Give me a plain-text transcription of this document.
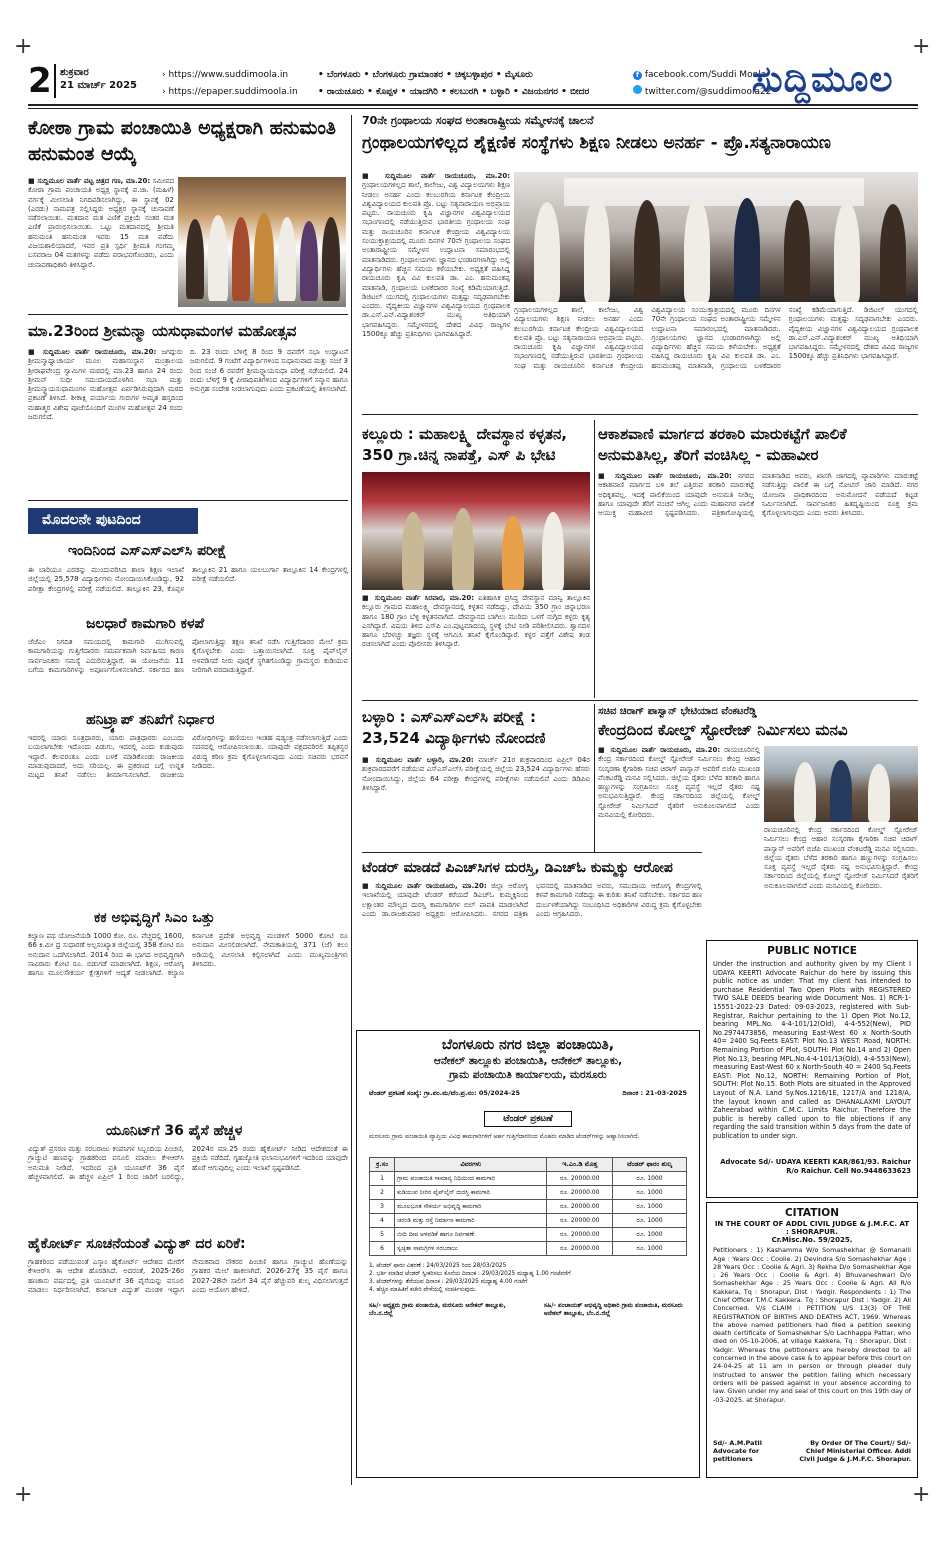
+	+
+	+
2 ಶುಕ್ರವಾರ
21 ಮಾರ್ಚ್ 2025
› https://www.suddimoola.in
› https://epaper.suddimoola.in
• ಬೆಂಗಳೂರು • ಬೆಂಗಳೂರು ಗ್ರಾಮಾಂತರ • ಚಿಕ್ಕಬಳ್ಳಾಪುರ • ಮೈಸೂರು
• ರಾಯಚೂರು • ಕೊಪ್ಪಳ • ಯಾದಗಿರಿ • ಕಲಬುರಗಿ • ಬಳ್ಳಾರಿ • ವಿಜಯನಗರ • ಬೀದರ
f facebook.com/Suddi Moola
twitter.com/@suddimoola22
ಸುದ್ದಿಮೂಲ
ಕೋಠಾ ಗ್ರಾಮ ಪಂಚಾಯಿತಿ ಅಧ್ಯಕ್ಷರಾಗಿ ಹನುಮಂತಿ ಹನುಮಂತ ಆಯ್ಕೆ
■ ಸುದ್ದಿಮೂಲ ವಾರ್ತೆ ವಟ್ಟ ಚಿತ್ರದ ಗಣ, ಮಾ.20: ಸಮೀಪದ ಕೋಠಾ ಗ್ರಾಮ ಪಂಚಾಯತಿ ಅಧ್ಯಕ್ಷ ಸ್ಥಾನಕ್ಕೆ ಪ.ಜಾ. (ಮಹಿಳೆ) ವರ್ಗಕ್ಕೆ ಮೀಸಲಾತಿ ನಿಗದಿಪಡಿಸಲಾಗಿದ್ದು, ಈ ಸ್ಥಾನಕ್ಕೆ 02 (ಎರಡು) ನಾಮಪತ್ರ ಸಲ್ಲಿಸಿದ್ದರು ಅಧ್ಯಕ್ಷರ ಸ್ಥಾನಕ್ಕೆ ಚುನಾವಣೆ ನಡೆಸಲಾಯಿತು. ಮತದಾನ ಮತ ಎಣಿಕೆ ಪ್ರಕ್ರಿಯೆ ನಂತರ ಮತ ಎಣಿಕೆ ಪ್ರಾರಂಭಿಸಲಾಯಿತು. ಒಟ್ಟು ಮತದಾನದಲ್ಲಿ ಶ್ರೀಮತಿ ಹನುಮಂತಿ ಹನುಮಂತ ಇವರು 15 ಮತ ಪಡೆದು ವಿಜಯಶಾಲಿಯಾದರೆ, ಇವರ ಪ್ರತಿ ಸ್ಪರ್ಧಿ ಶ್ರೀಮತಿ ಗಂಗಮ್ಮ ಬಸವರಾಜ 04 ಮತಗಳನ್ನು ಪಡೆದು ಪರಾಭವಗೊಂಡರು, ಎಂದು ಚುನಾವಣಾಧಿಕಾರಿ ತಿಳಿಸಿದ್ದಾರೆ.
ಮಾ.23ರಿಂದ ಶ್ರೀಮನ್ಮಾ ಯಸುಧಾಮಂಗಳ ಮಹೋತ್ಸವ
■ ಸುದ್ದಿಮೂಲ ವಾರ್ತೆ ರಾಯಚೂರು, ಮಾ.20: ಜಗದ್ಗುರು ಶ್ರೀಮನ್ಮಾಧ್ವಾಚಾರ್ಯ ಮೂಲ ಮಹಾಸಂಸ್ಥಾನ ಮಂತ್ರಾಲಯ ಶ್ರೀರಾಘವೇಂದ್ರ ಸ್ವಾಮಿಗಳ ಮಠದಲ್ಲಿ ಮಾ.23 ಹಾಗೂ 24 ರಂದು ಶ್ರೀಮನ್ ಸುಧೀ ಸಮುದಾಯದೊಳಗಿನ ಸಭಾ ಮತ್ತು ಶ್ರೀಮನ್ಮ್ಯಾಯಸುಧಾಮಂಗಳ ಮಹೋತ್ಸವ ಏರ್ಪಡಿಸಿರುವುದಾಗಿ ಮಠದ ಪ್ರಕಟಣೆ ತಿಳಿಸಿದೆ. ಶೀಕಾಕ್ಷಿ ಪರ್ಯಾಯ ಗುರುಗಳ ಅಮೃತ ಹಸ್ತದಿಂದ ಮಹಾತ್ಮರ ವಿಶೇಷ ಪೂಜೆಯೊಂದಿಗೆ ಮಂಗಳ ಮಹೋತ್ಸವ 24 ರಂದು ಜರುಗಲಿದೆ.
ದಿ. 23 ರಂದು ಬೆಳಿಗ್ಗೆ 8 ರಿಂದ 9 ದವರೆಗೆ ಸಭಾ ಉದ್ಘಾಟನೆ ಜರುಗಲಿದೆ. 9 ಗಂಟೆಗೆ ವಿದ್ಯಾರ್ಥಿಗಳಿಂದ ಸುಧಾನುವಾದ ಮತ್ತು ಸಂಜೆ 3 ರಿಂದ ಸಂಜೆ 6 ರವರೆಗೆ ಶ್ರೀಮನ್ನ್ಯಾಯಸುಧಾ ಪರೀಕ್ಷೆ ನಡೆಯಲಿದೆ. 24 ರಂದು ಬೆಳಿಗ್ಗೆ 9 ಕ್ಕೆ ಪೀಠಾಧಿಪತಿಗಳಿಂದ ವಿದ್ಯಾರ್ಥಿಗಳಿಗೆ ಸನ್ಮಾನ ಹಾಗೂ ಅನುಗ್ರಹ ಸಂದೇಶ ನೀಡಲಾಗುವುದು ಎಂದು ಪ್ರಕಟಣೆಯಲ್ಲಿ ತಿಳಿಸಲಾಗಿದೆ.
ಮೊದಲನೇ ಪುಟದಿಂದ
ಇಂದಿನಿಂದ ಎಸ್‌ಎಸ್‌ಎಲ್‌ಸಿ ಪರೀಕ್ಷೆ
ಈ ಬಾರಿಯೂ ಎರಡನ್ನು ಮುಂದುವರಿಸಿದ ಶಾಲಾ ಶಿಕ್ಷಣ ಇಲಾಖೆ ಜಿಲ್ಲೆಯಲ್ಲಿ 25,578 ವಿದ್ಯಾರ್ಥಿಗಳು ನೋಂದಾಯಿಸಿಕೊಂಡಿದ್ದು, 92 ಪರೀಕ್ಷಾ ಕೇಂದ್ರಗಳಲ್ಲಿ ಪರೀಕ್ಷೆ ನಡೆಯಲಿದೆ. ತಾಲ್ಲೂಕಿನ 23, ಕೊಪ್ಪಳ ತಾಲ್ಲೂಕಿನ 21 ಹಾಗೂ ಯಲಬುರ್ಗಾ ತಾಲ್ಲೂಕಿನ 14 ಕೇಂದ್ರಗಳಲ್ಲಿ ಪರೀಕ್ಷೆ ನಡೆಯಲಿದೆ.
ಜಲಧಾರೆ ಕಾಮಗಾರಿ ಕಳಪೆ
ಜೆಜೆಎಂ ನಿಗದಿತ ಸಮಯದಲ್ಲಿ ಕಾಮಗಾರಿ ಮುಗಿಸುವಲ್ಲಿ ಕಾಮಗಾರಿಯನ್ನು ಗುತ್ತಿಗೆದಾರರು ಸಮರ್ಪಕವಾಗಿ ನಿರ್ವಹಿಸದ ಕಾರಣ ಸಾರ್ವಜನಿಕರು ಸಮಸ್ಯೆ ಎದುರಿಸುತ್ತಿದ್ದಾರೆ. ಈ ಯೋಜನೆಯ 11 ಬಗೆಯ ಕಾಮಗಾರಿಗಳನ್ನು ಅಪೂರ್ಣಗೊಳಿಸಲಾಗಿದೆ. ಸರ್ಕಾರದ ಹಣ ಪೋಲಾಗುತ್ತಿದ್ದು ತಕ್ಷಣ ತನಿಖೆ ನಡೆಸಿ ಗುತ್ತಿಗೆದಾರರ ಮೇಲೆ ಕ್ರಮ ಕೈಗೊಳ್ಳಬೇಕು ಎಂದು ಒತ್ತಾಯಿಸಲಾಗಿದೆ. ಸೂಕ್ತ ಪೈಪ್‌ಲೈನ್ ಅಳವಡಿಸದೆ ನೀರು ಪೂರೈಕೆ ಸ್ಥಗಿತಗೊಂಡಿದ್ದು ಗ್ರಾಮಸ್ಥರು ಕುಡಿಯುವ ನೀರಿಗಾಗಿ ಪರದಾಡುತ್ತಿದ್ದಾರೆ.
ಹನಿಟ್ರ್ಯಾಪ್ ತನಿಖೆಗೆ ನಿರ್ಧಾರ
ಇದರಲ್ಲಿ ಯಾರು ಸೂತ್ರಧಾರರು, ಯಾರು ಪಾತ್ರಧಾರರು ಎಂಬುದು ಬಯಲಾಗಬೇಕು ಇದೊಂದು ಪಿಡುಗು, ಇದರಲ್ಲಿ ಎಂದು ಕುಡುವುದು ಇದ್ದಾರೆ. ಕೆಲವರಂತೂ ಎಂದು ಬಳಕೆ ಮಾಡಿಕೊಂಡು ರಾಜಕೀಯ ಮಾಡುವುದಾದರೆ, ಅದು ಸರಿಯಲ್ಲ. ಈ ಪ್ರಕರಣದ ಬಗ್ಗೆ ಉನ್ನತ ಮಟ್ಟದ ತನಿಖೆ ನಡೆಸಲು ತೀರ್ಮಾನಿಸಲಾಗಿದೆ. ರಾಜಕೀಯ ವಿರೋಧಿಗಳನ್ನು ಹಣಿಯಲು ಇಂತಹ ಷಡ್ಯಂತ್ರ ನಡೆಸಲಾಗುತ್ತಿದೆ ಎಂದು ಸದನದಲ್ಲಿ ಆರೋಪಿಸಲಾಯಿತು. ಯಾವುದೇ ಪಕ್ಷದವರಿರಲಿ ತಪ್ಪಿತಸ್ಥರ ವಿರುದ್ಧ ಕಠಿಣ ಕ್ರಮ ಕೈಗೊಳ್ಳಲಾಗುವುದು ಎಂದು ಸಚಿವರು ಭರವಸೆ ನೀಡಿದರು.
ಕಕ ಅಭಿವೃದ್ಧಿಗೆ ಸಿಎಂ ಒತ್ತು
ಕಲ್ಯಾಣ ಪಥ ಯೋಜನೆಯಡಿ 1000 ಕೋ. ರೂ. ವೆಚ್ಚದಲ್ಲಿ 1600, 66 ಕಿ.ಮೀ ಧ್ರ ಸುಧಾರಣೆ ಅಲ್ಪಸಂಖ್ಯಾತ ಜಿಲ್ಲೆಯಲ್ಲಿ 358 ಕೋಟಿ ರೂ ಅನುದಾನ ಒದಗಿಸಲಾಗಿದೆ. 2014 ರಿಂದ ಈ ಭಾಗದ ಅಭಿವೃದ್ಧಿಗಾಗಿ ಸಾವಿರಾರು ಕೋಟಿ ರೂ. ಬಿಡುಗಡೆ ಮಾಡಲಾಗಿದೆ. ಶಿಕ್ಷಣ, ಆರೋಗ್ಯ ಹಾಗೂ ಮೂಲಸೌಕರ್ಯ ಕ್ಷೇತ್ರಗಳಿಗೆ ಆದ್ಯತೆ ನೀಡಲಾಗಿದೆ. ಕಲ್ಯಾಣ ಕರ್ನಾಟಕ ಪ್ರದೇಶ ಅಭಿವೃದ್ಧಿ ಮಂಡಳಿಗೆ 5000 ಕೋಟಿ ರೂ ಅನುದಾನ ಮೀಸಲಿಡಲಾಗಿದೆ. ನೇಮಕಾತಿಯಲ್ಲಿ 371 (ಜೆ) ಕಲಂ ಅಡಿಯಲ್ಲಿ ಮೀಸಲಾತಿ ಕಲ್ಪಿಸಲಾಗಿದೆ ಎಂದು ಮುಖ್ಯಮಂತ್ರಿಗಳು ತಿಳಿಸಿದರು.
ಯೂನಿಟ್‌ಗೆ 36 ಪೈಸೆ ಹೆಚ್ಚಳ
ವಿದ್ಯುತ್ ಪ್ರಸರಣ ಮತ್ತು ಸರಬರಾಜು ಕಂಪನಿಗಳ ಸಿಬ್ಬಂದಿಯ ಪಿಂಚಣಿ, ಗ್ರಾಚ್ಯುಟಿ ಹಣವನ್ನು ಗ್ರಾಹಕರಿಂದ ವಸೂಲಿ ಮಾಡಲು ಕೆಇಆರ್‌ಸಿ ಅನುಮತಿ ನೀಡಿದೆ. ಇದರಿಂದ ಪ್ರತಿ ಯೂನಿಟ್‌ಗೆ 36 ಪೈಸೆ ಹೆಚ್ಚಳವಾಗಲಿದೆ. ಈ ಹೆಚ್ಚಳ ಏಪ್ರಿಲ್ 1 ರಿಂದ ಜಾರಿಗೆ ಬರಲಿದ್ದು, 2024ರ ಮಾ.25 ರಂದು ಹೈಕೋರ್ಟ್ ನೀಡಿದ ಆದೇಶದಂತೆ ಈ ಪ್ರಕ್ರಿಯೆ ನಡೆದಿದೆ. ಗೃಹಜ್ಯೋತಿ ಫಲಾನುಭವಿಗಳಿಗೆ ಇದರಿಂದ ಯಾವುದೇ ಹೊರೆ ಆಗುವುದಿಲ್ಲ ಎಂದು ಇಲಾಖೆ ಸ್ಪಷ್ಟಪಡಿಸಿದೆ.
ಹೈಕೋರ್ಟ್ ಸೂಚನೆಯಂತೆ ವಿದ್ಯುತ್ ದರ ಏರಿಕೆ:
ಗ್ರಾಹಕರಿಂದ ಪಡೆಯುವಂತೆ ಎಸ್ಕಾಂ ಹೈಕೋರ್ಟ್ ಆದೇಶದ ಮೇರೆಗೆ ಕೆಇಆರ್‌ಸಿ ಈ ಆದೇಶ ಹೊರಡಿಸಿದೆ. ಅದರಂತೆ, 2025-26ರ ಹಣಕಾಸು ವರ್ಷದಲ್ಲಿ ಪ್ರತಿ ಯೂನಿಟ್‌ಗೆ 36 ಪೈಸೆಯನ್ನು ವಸೂಲಿ ಮಾಡಲು ನಿರ್ಧರಿಸಲಾಗಿದೆ. ಕರ್ನಾಟಕ ವಿದ್ಯುತ್ ಮಂಡಳಿ ಇದ್ದಾಗ ನೇಮಕವಾದ ನೌಕರರ ಪಿಂಚಣಿ ಹಾಗೂ ಗ್ರಾಚ್ಯುಟಿ ಹೊಣೆಯನ್ನು ಗ್ರಾಹಕರ ಮೇಲೆ ಹಾಕಲಾಗಿದೆ. 2026-27ಕ್ಕೆ 35 ಪೈಸೆ ಹಾಗೂ 2027-28ನೇ ಸಾಲಿಗೆ 34 ಪೈಸೆ ಹೆಚ್ಚುವರಿ ಶುಲ್ಕ ವಿಧಿಸಲಾಗುತ್ತದೆ ಎಂದು ಆಯೋಗ ಹೇಳಿದೆ.
70ನೇ ಗ್ರಂಥಾಲಯ ಸಂಘದ ಅಂತಾರಾಷ್ಟ್ರೀಯ ಸಮ್ಮೇಳನಕ್ಕೆ ಚಾಲನೆ
ಗ್ರಂಥಾಲಯಗಳಿಲ್ಲದ ಶೈಕ್ಷಣಿಕ ಸಂಸ್ಥೆಗಳು ಶಿಕ್ಷಣ ನೀಡಲು ಅನರ್ಹ - ಪ್ರೊ.ಸತ್ಯನಾರಾಯಣ
■ ಸುದ್ದಿಮೂಲ ವಾರ್ತೆ ರಾಯಚೂರು, ಮಾ.20: ಗ್ರಂಥಾಲಯಗಳಿಲ್ಲದ ಶಾಲೆ, ಕಾಲೇಜು, ವಿಶ್ವ ವಿದ್ಯಾಲಯಗಳು ಶಿಕ್ಷಣ ನೀಡಲು ಅನರ್ಹ ಎಂದು ಕಲಬುರಗಿಯ ಕರ್ನಾಟಕ ಕೇಂದ್ರೀಯ ವಿಶ್ವವಿದ್ಯಾಲಯದ ಕುಲಪತಿ ಪ್ರೊ. ಬಟ್ಟು ಸತ್ಯನಾರಾಯಣ ಅಭಿಪ್ರಾಯ ಪಟ್ಟರು. ರಾಯಚೂರು ಕೃಷಿ ವಿಜ್ಞಾನಗಳ ವಿಶ್ವವಿದ್ಯಾಲಯದ ಸಭಾಂಗಣದಲ್ಲಿ ನಡೆಯುತ್ತಿರುವ ಭಾರತೀಯ ಗ್ರಂಥಾಲಯ ಸಂಘ ಮತ್ತು ರಾಯಚೂರಿನ ಕರ್ನಾಟಕ ಕೇಂದ್ರೀಯ ವಿಶ್ವವಿದ್ಯಾಲಯ ಸಂಯುಕ್ತಾಶ್ರಯದಲ್ಲಿ ಮೂರು ದಿನಗಳ 70ನೇ ಗ್ರಂಥಾಲಯ ಸಂಘದ ಅಂತಾರಾಷ್ಟ್ರೀಯ ಸಮ್ಮೇಳನ ಉದ್ಘಾಟನಾ ಸಮಾರಂಭದಲ್ಲಿ ಮಾತನಾಡಿದರು. ಗ್ರಂಥಾಲಯಗಳು ಜ್ಞಾನದ ಭಂಡಾರಗಳಾಗಿದ್ದು ಅಲ್ಲಿ ವಿದ್ಯಾರ್ಥಿಗಳು ಹೆಚ್ಚಿನ ಸಮಯ ಕಳೆಯಬೇಕು. ಅಧ್ಯಕ್ಷತೆ ವಹಿಸಿದ್ದ ರಾಯಚೂರು ಕೃಷಿ ವಿವಿ ಕುಲಪತಿ ಡಾ. ಎಂ. ಹನುಮಂತಪ್ಪ ಮಾತನಾಡಿ, ಗ್ರಂಥಾಲಯ ಬಳಕೆದಾರರ ಸಂಖ್ಯೆ ಕಡಿಮೆಯಾಗುತ್ತಿದೆ. ಡಿಜಿಟಲ್ ಯುಗದಲ್ಲಿ ಗ್ರಂಥಾಲಯಗಳು ಮತ್ತಷ್ಟು ಸದೃಢವಾಗಬೇಕು ಎಂದರು. ವೈದ್ಯಕೀಯ ವಿಜ್ಞಾನಗಳ ವಿಶ್ವವಿದ್ಯಾಲಯದ ಗ್ರಂಥಪಾಲಕ ಡಾ.ಎಸ್.ಎನ್.ವಿದ್ಯಾಶಂಕರ್ ಮುಖ್ಯ ಅತಿಥಿಯಾಗಿ ಭಾಗವಹಿಸಿದ್ದರು. ಸಮ್ಮೇಳನದಲ್ಲಿ ದೇಶದ ವಿವಿಧ ರಾಜ್ಯಗಳ 1500ಕ್ಕೂ ಹೆಚ್ಚು ಪ್ರತಿನಿಧಿಗಳು ಭಾಗವಹಿಸಿದ್ದಾರೆ.
ಗ್ರಂಥಾಲಯಗಳಿಲ್ಲದ ಶಾಲೆ, ಕಾಲೇಜು, ವಿಶ್ವ ವಿದ್ಯಾಲಯಗಳು ಶಿಕ್ಷಣ ನೀಡಲು ಅನರ್ಹ ಎಂದು ಕಲಬುರಗಿಯ ಕರ್ನಾಟಕ ಕೇಂದ್ರೀಯ ವಿಶ್ವವಿದ್ಯಾಲಯದ ಕುಲಪತಿ ಪ್ರೊ. ಬಟ್ಟು ಸತ್ಯನಾರಾಯಣ ಅಭಿಪ್ರಾಯ ಪಟ್ಟರು. ರಾಯಚೂರು ಕೃಷಿ ವಿಜ್ಞಾನಗಳ ವಿಶ್ವವಿದ್ಯಾಲಯದ ಸಭಾಂಗಣದಲ್ಲಿ ನಡೆಯುತ್ತಿರುವ ಭಾರತೀಯ ಗ್ರಂಥಾಲಯ ಸಂಘ ಮತ್ತು ರಾಯಚೂರಿನ ಕರ್ನಾಟಕ ಕೇಂದ್ರೀಯ ವಿಶ್ವವಿದ್ಯಾಲಯ ಸಂಯುಕ್ತಾಶ್ರಯದಲ್ಲಿ ಮೂರು ದಿನಗಳ 70ನೇ ಗ್ರಂಥಾಲಯ ಸಂಘದ ಅಂತಾರಾಷ್ಟ್ರೀಯ ಸಮ್ಮೇಳನ ಉದ್ಘಾಟನಾ ಸಮಾರಂಭದಲ್ಲಿ ಮಾತನಾಡಿದರು. ಗ್ರಂಥಾಲಯಗಳು ಜ್ಞಾನದ ಭಂಡಾರಗಳಾಗಿದ್ದು ಅಲ್ಲಿ ವಿದ್ಯಾರ್ಥಿಗಳು ಹೆಚ್ಚಿನ ಸಮಯ ಕಳೆಯಬೇಕು. ಅಧ್ಯಕ್ಷತೆ ವಹಿಸಿದ್ದ ರಾಯಚೂರು ಕೃಷಿ ವಿವಿ ಕುಲಪತಿ ಡಾ. ಎಂ. ಹನುಮಂತಪ್ಪ ಮಾತನಾಡಿ, ಗ್ರಂಥಾಲಯ ಬಳಕೆದಾರರ ಸಂಖ್ಯೆ ಕಡಿಮೆಯಾಗುತ್ತಿದೆ. ಡಿಜಿಟಲ್ ಯುಗದಲ್ಲಿ ಗ್ರಂಥಾಲಯಗಳು ಮತ್ತಷ್ಟು ಸದೃಢವಾಗಬೇಕು ಎಂದರು. ವೈದ್ಯಕೀಯ ವಿಜ್ಞಾನಗಳ ವಿಶ್ವವಿದ್ಯಾಲಯದ ಗ್ರಂಥಪಾಲಕ ಡಾ.ಎಸ್.ಎನ್.ವಿದ್ಯಾಶಂಕರ್ ಮುಖ್ಯ ಅತಿಥಿಯಾಗಿ ಭಾಗವಹಿಸಿದ್ದರು. ಸಮ್ಮೇಳನದಲ್ಲಿ ದೇಶದ ವಿವಿಧ ರಾಜ್ಯಗಳ 1500ಕ್ಕೂ ಹೆಚ್ಚು ಪ್ರತಿನಿಧಿಗಳು ಭಾಗವಹಿಸಿದ್ದಾರೆ.
ಕಲ್ಲೂರು : ಮಹಾಲಕ್ಷ್ಮಿ ದೇವಸ್ಥಾನ ಕಳ್ಳತನ, 350 ಗ್ರಾ.ಚಿನ್ನ ನಾಪತ್ತೆ, ಎಸ್ ಪಿ ಭೇಟಿ
■ ಸುದ್ದಿಮೂಲ ವಾರ್ತೆ ಸಿರವಾರ, ಮಾ.20: ಐತಿಹಾಸಿಕ ಪ್ರಸಿದ್ಧ ದೇವಸ್ಥಾನ ಮಾನ್ವಿ ತಾಲ್ಲೂಕಿನ ಕಲ್ಲೂರು ಗ್ರಾಮದ ಮಹಾಲಕ್ಷ್ಮಿ ದೇವಸ್ಥಾನದಲ್ಲಿ ಕಳ್ಳತನ ನಡೆದಿದ್ದು, ದೇವಿಯ 350 ಗ್ರಾಂ ಚಿನ್ನಾಭರಣ ಹಾಗೂ 180 ಗ್ರಾಂ ಬೆಳ್ಳಿ ಕಳ್ಳತನವಾಗಿದೆ. ದೇವಸ್ಥಾನದ ಬಾಗಿಲು ಮುರಿದು ಒಳಗೆ ನುಗ್ಗಿದ ಕಳ್ಳರು ಕೃತ್ಯ ಎಸಗಿದ್ದಾರೆ. ವಿಷಯ ತಿಳಿದ ಎಸ್‌ಪಿ ಎಂ.ಪುಟ್ಟಮಾದಯ್ಯ ಸ್ಥಳಕ್ಕೆ ಭೇಟಿ ನೀಡಿ ಪರಿಶೀಲಿಸಿದರು. ಶ್ವಾನದಳ ಹಾಗೂ ಬೆರಳಚ್ಚು ತಜ್ಞರು ಸ್ಥಳಕ್ಕೆ ಆಗಮಿಸಿ ತನಿಖೆ ಕೈಗೊಂಡಿದ್ದಾರೆ. ಕಳ್ಳರ ಪತ್ತೆಗೆ ವಿಶೇಷ ತಂಡ ರಚಿಸಲಾಗಿದೆ ಎಂದು ಪೊಲೀಸರು ತಿಳಿಸಿದ್ದಾರೆ.
ಆಕಾಶವಾಣಿ ಮಾರ್ಗದ ತರಕಾರಿ ಮಾರುಕಟ್ಟೆಗೆ ಪಾಲಿಕೆ ಅನುಮತಿಸಿಲ್ಲ, ತೆರಿಗೆ ವಂಚಿಸಿಲ್ಲ - ಮಹಾವೀರ
■ ಸುದ್ದಿಮೂಲ ವಾರ್ತೆ ರಾಯಚೂರು, ಮಾ.20: ನಗರದ ಆಕಾಶವಾಣಿ ಮಾರ್ಗದ ಬಳಿ ತಲೆ ಎತ್ತಿರುವ ತರಕಾರಿ ಮಾರುಕಟ್ಟೆ ಅಧಿಕೃತವಲ್ಲ. ಇದಕ್ಕೆ ಪಾಲಿಕೆಯಿಂದ ಯಾವುದೇ ಅನುಮತಿ ನೀಡಿಲ್ಲ ಹಾಗೂ ಯಾವುದೇ ತೆರಿಗೆ ವಂಚನೆ ಆಗಿಲ್ಲ ಎಂದು ಮಹಾನಗರ ಪಾಲಿಕೆ ಆಯುಕ್ತ ಮಹಾವೀರ ಸ್ಪಷ್ಟಪಡಿಸಿದರು. ಪತ್ರಿಕಾಗೋಷ್ಠಿಯಲ್ಲಿ ಮಾತನಾಡಿದ ಅವರು, ಖಾಸಗಿ ಜಾಗದಲ್ಲಿ ವ್ಯಾಪಾರಿಗಳು ಮಾರುಕಟ್ಟೆ ನಡೆಸುತ್ತಿದ್ದು ಪಾಲಿಕೆ ಈ ಬಗ್ಗೆ ನೋಟಿಸ್ ಜಾರಿ ಮಾಡಿದೆ. ನಗರ ಯೋಜನಾ ಪ್ರಾಧಿಕಾರದಿಂದ ಅನುಮೋದನೆ ಪಡೆಯದೆ ಕಟ್ಟಡ ನಿರ್ಮಿಸಲಾಗಿದೆ. ಸಾರ್ವಜನಿಕರ ಹಿತದೃಷ್ಟಿಯಿಂದ ಸೂಕ್ತ ಕ್ರಮ ಕೈಗೊಳ್ಳಲಾಗುವುದು ಎಂದು ಅವರು ತಿಳಿಸಿದರು.
ಬಳ್ಳಾರಿ : ಎಸ್‌ಎಸ್‌ಎಲ್‌ಸಿ ಪರೀಕ್ಷೆ : 23,524 ವಿದ್ಯಾರ್ಥಿಗಳು ನೋಂದಣಿ
■ ಸುದ್ದಿಮೂಲ ವಾರ್ತೆ ಬಳ್ಳಾರಿ, ಮಾ.20: ಮಾರ್ಚ್ 21ರ ಶುಕ್ರವಾರದಿಂದ ಏಪ್ರಿಲ್ 04ರ ಶುಕ್ರವಾರದವರೆಗೆ ನಡೆಯುವ ಎಸ್‌ಎಸ್‌ಎಲ್‌ಸಿ ಪರೀಕ್ಷೆಯಲ್ಲಿ ಜಿಲ್ಲೆಯ 23,524 ವಿದ್ಯಾರ್ಥಿಗಳು ಹೆಸರು ನೋಂದಾಯಿಸಿದ್ದು, ಜಿಲ್ಲೆಯ 64 ಪರೀಕ್ಷಾ ಕೇಂದ್ರಗಳಲ್ಲಿ ಪರೀಕ್ಷೆಗಳು ನಡೆಯಲಿವೆ ಎಂದು ಡಿಡಿಪಿಐ ತಿಳಿಸಿದ್ದಾರೆ.
ಸಚಿವ ಚಿರಾಗ್ ಪಾಸ್ವಾನ್ ಭೇಟಿಯಾದ ವೆಂಕಟರೆಡ್ಡಿ
ಕೇಂದ್ರದಿಂದ ಕೋಲ್ಡ್ ಸ್ಟೋರೇಜ್ ನಿರ್ಮಿಸಲು ಮನವಿ
■ ಸುದ್ದಿಮೂಲ ವಾರ್ತೆ ರಾಯಚೂರು, ಮಾ.20: ರಾಯಚೂರಿನಲ್ಲಿ ಕೇಂದ್ರ ಸರ್ಕಾರದಿಂದ ಕೋಲ್ಡ್ ಸ್ಟೋರೇಜ್ ನಿರ್ಮಿಸಲು ಕೇಂದ್ರ ಆಹಾರ ಸಂಸ್ಕರಣಾ ಕೈಗಾರಿಕಾ ಸಚಿವ ಚಿರಾಗ್ ಪಾಸ್ವಾನ್ ಅವರಿಗೆ ಬಿಜೆಪಿ ಮುಖಂಡ ವೆಂಕಟರೆಡ್ಡಿ ಮನವಿ ಸಲ್ಲಿಸಿದರು. ಜಿಲ್ಲೆಯ ರೈತರು ಬೆಳೆದ ತರಕಾರಿ ಹಾಗೂ ಹಣ್ಣುಗಳನ್ನು ಸಂಗ್ರಹಿಸಲು ಸೂಕ್ತ ವ್ಯವಸ್ಥೆ ಇಲ್ಲದೆ ರೈತರು ನಷ್ಟ ಅನುಭವಿಸುತ್ತಿದ್ದಾರೆ. ಕೇಂದ್ರ ಸರ್ಕಾರದಿಂದ ಜಿಲ್ಲೆಯಲ್ಲಿ ಕೋಲ್ಡ್ ಸ್ಟೋರೇಜ್ ನಿರ್ಮಿಸಿದರೆ ರೈತರಿಗೆ ಅನುಕೂಲವಾಗಲಿದೆ ಎಂದು ಮನವಿಯಲ್ಲಿ ಕೋರಿದರು.
ರಾಯಚೂರಿನಲ್ಲಿ ಕೇಂದ್ರ ಸರ್ಕಾರದಿಂದ ಕೋಲ್ಡ್ ಸ್ಟೋರೇಜ್ ನಿರ್ಮಿಸಲು ಕೇಂದ್ರ ಆಹಾರ ಸಂಸ್ಕರಣಾ ಕೈಗಾರಿಕಾ ಸಚಿವ ಚಿರಾಗ್ ಪಾಸ್ವಾನ್ ಅವರಿಗೆ ಬಿಜೆಪಿ ಮುಖಂಡ ವೆಂಕಟರೆಡ್ಡಿ ಮನವಿ ಸಲ್ಲಿಸಿದರು. ಜಿಲ್ಲೆಯ ರೈತರು ಬೆಳೆದ ತರಕಾರಿ ಹಾಗೂ ಹಣ್ಣುಗಳನ್ನು ಸಂಗ್ರಹಿಸಲು ಸೂಕ್ತ ವ್ಯವಸ್ಥೆ ಇಲ್ಲದೆ ರೈತರು ನಷ್ಟ ಅನುಭವಿಸುತ್ತಿದ್ದಾರೆ. ಕೇಂದ್ರ ಸರ್ಕಾರದಿಂದ ಜಿಲ್ಲೆಯಲ್ಲಿ ಕೋಲ್ಡ್ ಸ್ಟೋರೇಜ್ ನಿರ್ಮಿಸಿದರೆ ರೈತರಿಗೆ ಅನುಕೂಲವಾಗಲಿದೆ ಎಂದು ಮನವಿಯಲ್ಲಿ ಕೋರಿದರು.
ಟೆಂಡರ್ ಮಾಡದೆ ಪಿಎಚ್‌ಸಿಗಳ ದುರಸ್ತಿ, ಡಿಎಚ್‌ಓ ಕುಮ್ಮಕ್ಕು ಆರೋಪ
■ ಸುದ್ದಿಮೂಲ ವಾರ್ತೆ ರಾಯಚೂರು, ಮಾ.20: ಜಿಲ್ಲಾ ಆರೋಗ್ಯ ಇಲಾಖೆಯಲ್ಲಿ ಯಾವುದೇ ಟೆಂಡರ್ ಕರೆಯದೆ ಡಿಎಚ್‌ಓ ಕುಮ್ಮಕ್ಕಿನಿಂದ ಲಕ್ಷಾಂತರ ಮೌಲ್ಯದ ದುರಸ್ತಿ ಕಾಮಗಾರಿಗಳ ಬಿಲ್ ಪಾವತಿ ಮಾಡಲಾಗಿದೆ ಎಂದು ಡಾ.ರಾಜಕುಮಾರ ಅಧ್ಯಕ್ಷರು ಆರೋಪಿಸಿದರು. ನಗರದ ಪತ್ರಿಕಾ ಭವನದಲ್ಲಿ ಮಾತನಾಡಿದ ಅವರು, ಸಮುದಾಯ ಆರೋಗ್ಯ ಕೇಂದ್ರಗಳಲ್ಲಿ ಕಳಪೆ ಕಾಮಗಾರಿ ನಡೆದಿದ್ದು ಈ ಕುರಿತು ತನಿಖೆ ನಡೆಸಬೇಕು. ಸರ್ಕಾರದ ಹಣ ದುರ್ಬಳಕೆಯಾಗಿದ್ದು ಸಂಬಂಧಿಸಿದ ಅಧಿಕಾರಿಗಳ ವಿರುದ್ಧ ಕ್ರಮ ಕೈಗೊಳ್ಳಬೇಕು ಎಂದು ಆಗ್ರಹಿಸಿದರು.
ಬೆಂಗಳೂರು ನಗರ ಜಿಲ್ಲಾ ಪಂಚಾಯಿತಿ,
ಆನೇಕಲ್ ತಾಲ್ಲೂಕು ಪಂಚಾಯಿತಿ, ಆನೇಕಲ್ ತಾಲ್ಲೂಕು,
ಗ್ರಾಮ ಪಂಚಾಯಿತಿ ಕಾರ್ಯಾಲಯ, ಮರಸೂರು
ಟೆಂಡರ್ ಪ್ರಕಟಣೆ ಸಂಖ್ಯೆ: ಗ್ರಾ.ಪಂ.ಮ/ಟೆಂ.ಪ್ರ.ನಂ: 05/2024-25	ದಿನಾಂಕ : 21-03-2025
ಟೆಂಡರ್ ಪ್ರಕಟಣೆ
ಮರಸೂರು ಗ್ರಾಮ ಪಂಚಾಯಿತಿ ವ್ಯಾಪ್ತಿಯ ವಿವಿಧ ಕಾಮಗಾರಿಗಳಿಗೆ ಅರ್ಹ ಗುತ್ತಿಗೆದಾರರಿಂದ ಮೊಹರು ಮಾಡಿದ ಟೆಂಡರ್‌ಗಳನ್ನು ಆಹ್ವಾನಿಸಲಾಗಿದೆ.
ಕ್ರ.ಸಂ	ವಿವರಗಳು	ಇ.ಎಂ.ಡಿ ಮೊತ್ತ	ಟೆಂಡರ್ ಫಾರಂ ಶುಲ್ಕ
1	ಗ್ರಾಮ ಪಂಚಾಯಿತಿ ಸಾಮಾನ್ಯ ನಿಧಿಯಿಂದ ಕಾಮಗಾರಿ	ರೂ. 20000.00	ರೂ. 1000
2	ಕುಡಿಯುವ ನೀರಿನ ಪೈಪ್‌ಲೈನ್ ದುರಸ್ತಿ ಕಾಮಗಾರಿ	ರೂ. 20000.00	ರೂ. 1000
3	ಮೂಲಭೂತ ಸೌಕರ್ಯ ಅಭಿವೃದ್ಧಿ ಕಾಮಗಾರಿ	ರೂ. 20000.00	ರೂ. 1000
4	ಚರಂಡಿ ಮತ್ತು ರಸ್ತೆ ನಿರ್ಮಾಣ ಕಾಮಗಾರಿ	ರೂ. 20000.00	ರೂ. 1000
5	ಬೀದಿ ದೀಪ ಅಳವಡಿಕೆ ಹಾಗೂ ನಿರ್ವಹಣೆ	ರೂ. 20000.00	ರೂ. 1000
6	ಸ್ವಚ್ಛತಾ ಸಾಮಗ್ರಿಗಳ ಸರಬರಾಜು	ರೂ. 20000.00	ರೂ. 1000
1. ಟೆಂಡರ್ ಫಾರಂ ವಿತರಣೆ : 24/03/2025 ರಿಂದ 28/03/2025
2. ಭರ್ತಿ ಮಾಡಿದ ಟೆಂಡರ್ ಸ್ವೀಕರಿಸಲು ಕೊನೆಯ ದಿನಾಂಕ : 29/03/2025 ಮಧ್ಯಾಹ್ನ 1.00 ಗಂಟೆವರೆಗೆ
3. ಟೆಂಡರ್‌ಗಳನ್ನು ತೆರೆಯುವ ದಿನಾಂಕ : 29/03/2025 ಮಧ್ಯಾಹ್ನ 4.00 ಗಂಟೆಗೆ
4. ಹೆಚ್ಚಿನ ಮಾಹಿತಿಗೆ ಕಚೇರಿ ವೇಳೆಯಲ್ಲಿ ಸಂಪರ್ಕಿಸುವುದು.
ಸಹಿ/- ಅಧ್ಯಕ್ಷರು ಗ್ರಾಮ ಪಂಚಾಯಿತಿ, ಮರಸೂರು ಆನೇಕಲ್ ತಾಲ್ಲೂಕು, ಬೆಂ.ನ.ಜಿಲ್ಲೆ
ಸಹಿ/- ಪಂಚಾಯತ್ ಅಭಿವೃದ್ಧಿ ಅಧಿಕಾರಿ ಗ್ರಾಮ ಪಂಚಾಯಿತಿ, ಮರಸೂರು ಆನೇಕಲ್ ತಾಲ್ಲೂಕು, ಬೆಂ.ನ.ಜಿಲ್ಲೆ
PUBLIC NOTICE
Under the instruction and authority given by my Client I UDAYA KEERTI Advocate Raichur do here by issuing this public notice as under: That my client has intended to purchase Residential Two Open Plots with REGISTERED TWO SALE DEEDS bearing wide Document Nos. 1) RCR-1-15551-2022-23 Dated: 09-03-2023, registered with Sub-Registrar, Raichur pertaining to the 1) Open Plot No.12, bearing MPL.No. 4-4-101/12(Old), 4-4-552(New), PID No.2974473856, measuring East-West 60 x North-South 40= 2400 Sq.Feets EAST: Plot No.13 WEST: Road, NORTH: Remaining Portion of Plot, SOUTH: Plot No.14 and 2) Open Plot No.13, bearing MPL.No.4-4-101/13(Old), 4-4-553(New), measuring East-West 60 x North-South 40 = 2400 Sq.Feets EAST: Plot No.12, NORTH: Remaining Portion of Plot, SOUTH: Plot No.15. Both Plots are situated in the Approved Layout of N.A. Land Sy.Nos.1216/1E, 1217/A and 1218/A, the layout known and called as DHANALAXMI LAYOUT Zaheerabad within C.M.C. Limits Raichur. Therefore the public is hereby called upon to file objections if any regarding the said transition within 5 days from the date of publication to under sign.
Advocate Sd/- UDAYA KEERTI KAR/861/93. Raichur R/o Raichur. Cell No.9448633623
CITATION
IN THE COURT OF ADDL CIVIL JUDGE & J.M.F.C. AT : SHORAPUR.
Cr.Misc.No. 59/2025.
Petitioners : 1) Kashamma W/o Somashekhar @ Somanalli Age : Years Occ : Coolie. 2) Devindra S/o Somashekhar Age : 28 Years Occ : Coolie & Agri. 3) Rekha D/o Somashekhar Age : 26 Years Occ : Coolie & Agri. 4) Bhuvaneshwari D/o Somashekhar Age : 25 Years Occ : Coolie & Agri. All R/o Kakkera, Tq : Shorapur, Dist : Yadgir. Respondents : 1) The Chief Officer T.M.C Kakkera. Tq : Shorapur Dist : Yadgir. 2) All Concerned. V/s CLAIM : PETITION U/S 13(3) OF THE REGISTRATION OF BIRTHS AND DEATHS ACT, 1969. Whereas the above named petitioners had filed a petition seeking death certificate of Somashekhar S/o Lachhappa Pattar, who died on 05-10-2006, at village Kakkera, Tq : Shorapur, Dist : Yadgir. Whereas the petitioners are hereby directed to all concerned in the above case & to appear before this court on 24-04-25 at 11 am in person or through pleader duly instructed to answer the petition failing which necessary orders will be passed against in your absence according to law. Given under my and seal of this court on this 19th day of -03-2025. at Shorapur.
Sd/- A.M.Patil Advocate for petitioners
By Order Of The Court// Sd/- Chief Ministerial Officer. Addl Civil Judge & J.M.F.C. Shorapur.
